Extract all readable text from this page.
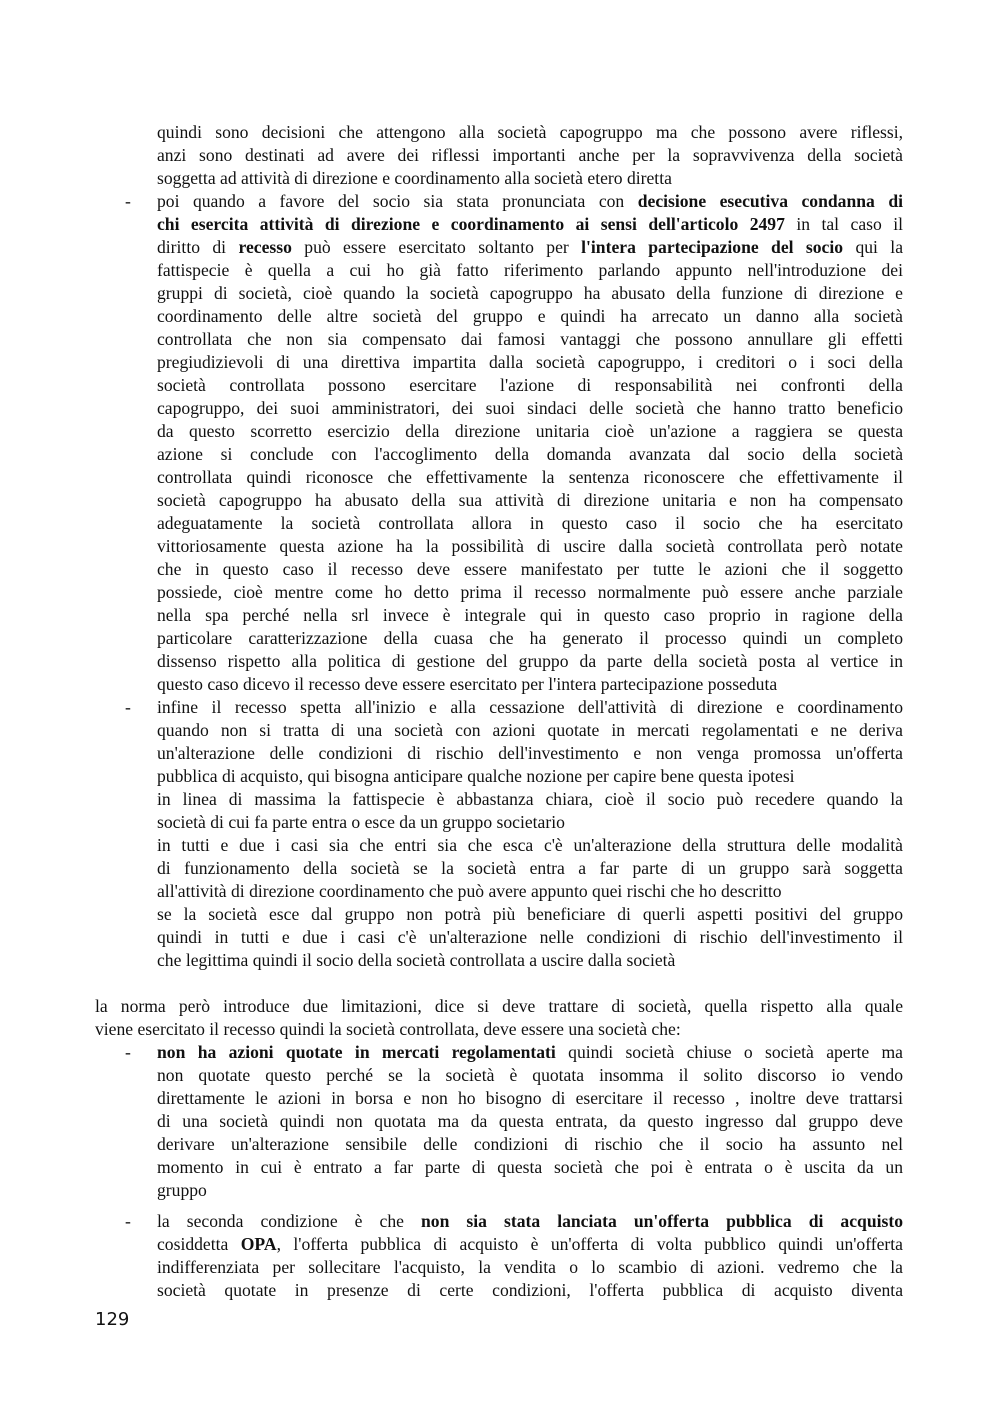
quindi sono decisioni che attengono alla società capogruppo ma che possono avere riflessi,
anzi sono destinati ad avere dei riflessi importanti anche per la sopravvivenza della società
soggetta ad attività di direzione e coordinamento alla società etero diretta
- poi quando a favore del socio sia stata pronunciata con decisione esecutiva condanna di
chi esercita attività di direzione e coordinamento ai sensi dell'articolo 2497 in tal caso il
diritto di recesso può essere esercitato soltanto per l'intera partecipazione del socio qui la
fattispecie è quella a cui ho già fatto riferimento parlando appunto nell'introduzione dei
gruppi di società, cioè quando la società capogruppo ha abusato della funzione di direzione e
coordinamento delle altre società del gruppo e quindi ha arrecato un danno alla società
controllata che non sia compensato dai famosi vantaggi che possono annullare gli effetti
pregiudizievoli di una direttiva impartita dalla società capogruppo, i creditori o i soci della
società controllata possono esercitare l'azione di responsabilità nei confronti della
capogruppo, dei suoi amministratori, dei suoi sindaci delle società che hanno tratto beneficio
da questo scorretto esercizio della direzione unitaria cioè un'azione a raggiera se questa
azione si conclude con l'accoglimento della domanda avanzata dal socio della società
controllata quindi riconosce che effettivamente la sentenza riconoscere che effettivamente il
società capogruppo ha abusato della sua attività di direzione unitaria e non ha compensato
adeguatamente la società controllata allora in questo caso il socio che ha esercitato
vittoriosamente questa azione ha la possibilità di uscire dalla società controllata però notate
che in questo caso il recesso deve essere manifestato per tutte le azioni che il soggetto
possiede, cioè mentre come ho detto prima il recesso normalmente può essere anche parziale
nella spa perché nella srl invece è integrale qui in questo caso proprio in ragione della
particolare caratterizzazione della cuasa che ha generato il processo quindi un completo
dissenso rispetto alla politica di gestione del gruppo da parte della società posta al vertice in
questo caso dicevo il recesso deve essere esercitato per l'intera partecipazione posseduta
- infine il recesso spetta all'inizio e alla cessazione dell'attività di direzione e coordinamento
quando non si tratta di una società con azioni quotate in mercati regolamentati e ne deriva
un'alterazione delle condizioni di rischio dell'investimento e non venga promossa un'offerta
pubblica di acquisto, qui bisogna anticipare qualche nozione per capire bene questa ipotesi
in linea di massima la fattispecie è abbastanza chiara, cioè il socio può recedere quando la
società di cui fa parte entra o esce da un gruppo societario
in tutti e due i casi sia che entri sia che esca c'è un'alterazione della struttura delle modalità
di funzionamento della società se la società entra a far parte di un gruppo sarà soggetta
all'attività di direzione coordinamento che può avere appunto quei rischi che ho descritto
se la società esce dal gruppo non potrà più beneficiare di queгli aspetti positivi del gruppo
quindi in tutti e due i casi c'è un'alterazione nelle condizioni di rischio dell'investimento il
che legittima quindi il socio della società controllata a uscire dalla società
la norma però introduce due limitazioni, dice si deve trattare di società, quella rispetto alla quale
viene esercitato il recesso quindi la società controllata, deve essere una società che:
- non ha azioni quotate in mercati regolamentati quindi società chiuse o società aperte ma
non quotate questo perché se la società è quotata insomma il solito discorso io vendo
direttamente le azioni in borsa e non ho bisogno di esercitare il recesso , inoltre deve trattarsi
di una società quindi non quotata ma da questa entrata, da questo ingresso dal gruppo deve
derivare un'alterazione sensibile delle condizioni di rischio che il socio ha assunto nel
momento in cui è entrato a far parte di questa società che poi è entrata o è uscita da un
gruppo
- la seconda condizione è che non sia stata lanciata un'offerta pubblica di acquisto
cosiddetta OPA, l'offerta pubblica di acquisto è un'offerta di volta pubblico quindi un'offerta
indifferenziata per sollecitare l'acquisto, la vendita o lo scambio di azioni. vedremo che la
società quotate in presenze di certe condizioni, l'offerta pubblica di acquisto diventa
129
